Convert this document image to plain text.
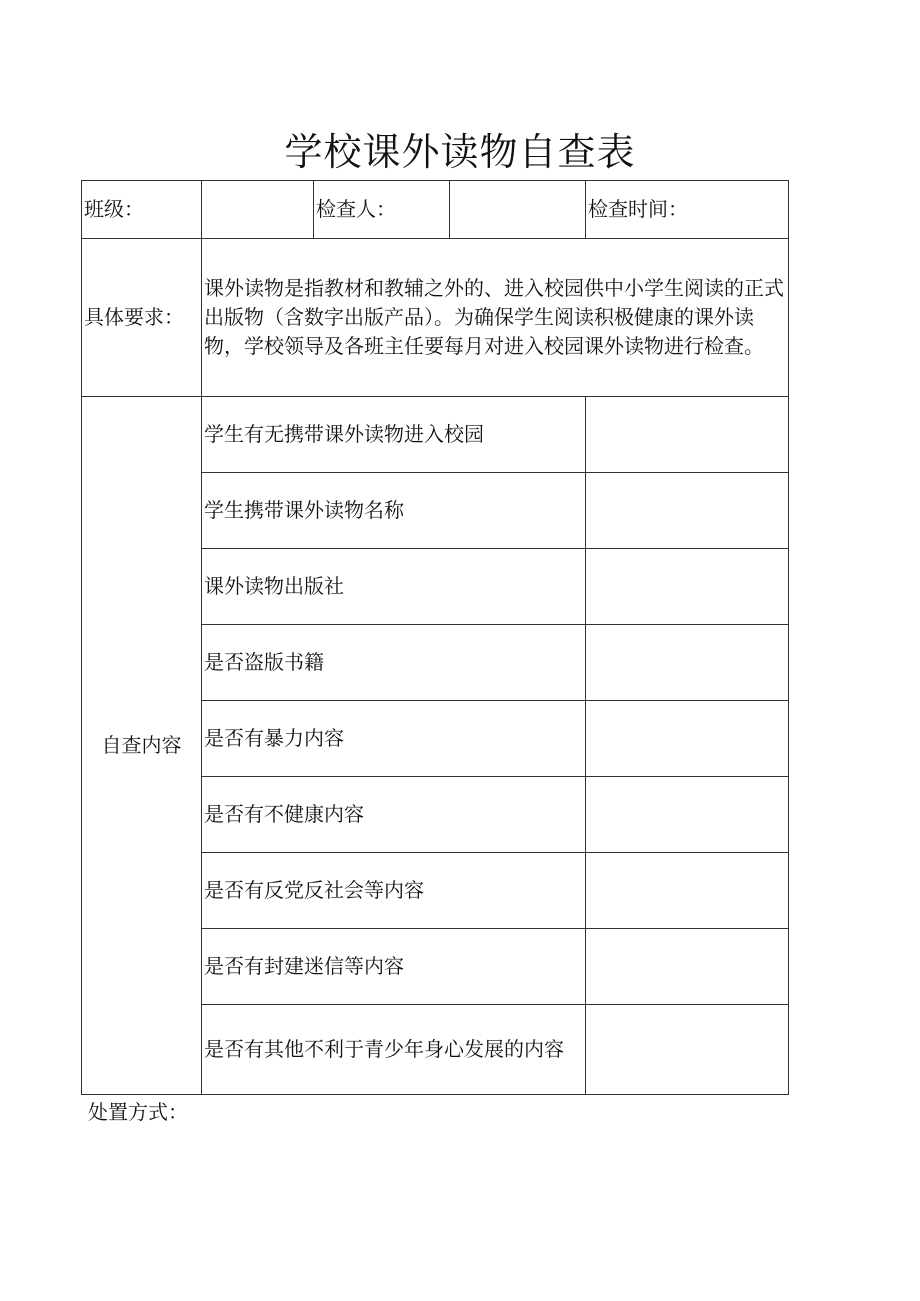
学校课外读物自查表
班级：		检查人：		检查时间：
具体要求：	课外读物是指教材和教辅之外的、进入校园供中小学生阅读的正式出版物（含数字出版产品）。为确保学生阅读积极健康的课外读物，学校领导及各班主任要每月对进入校园课外读物进行检查。			
自查内容	学生有无携带课外读物进入校园			
	学生携带课外读物名称			
	课外读物出版社			
	是否盗版书籍			
	是否有暴力内容			
	是否有不健康内容			
	是否有反党反社会等内容			
	是否有封建迷信等内容			
	是否有其他不利于青少年身心发展的内容			
处置方式：
